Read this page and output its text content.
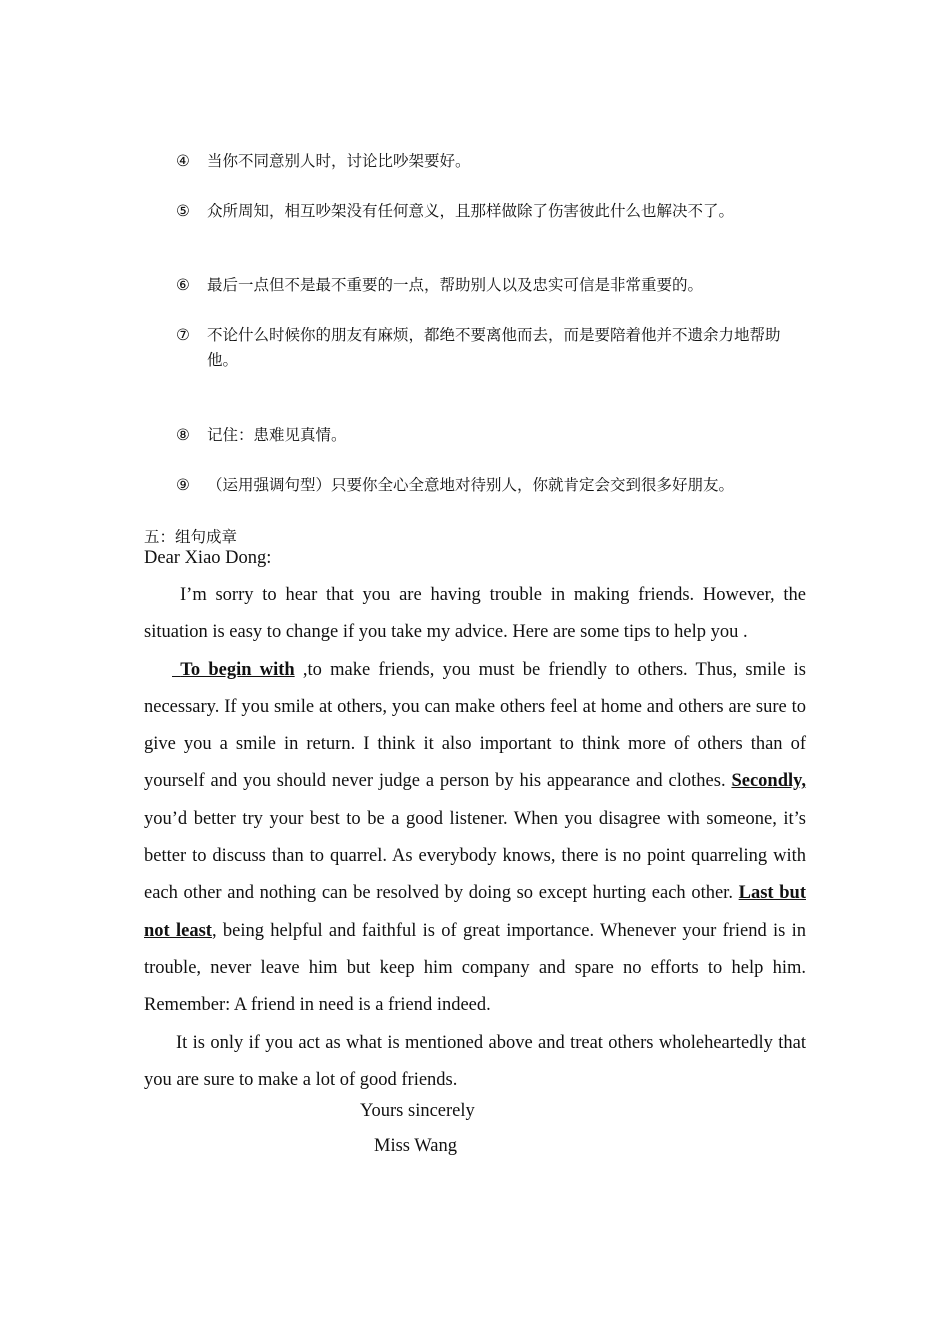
④	当你不同意别人时，讨论比吵架要好。
⑤	众所周知，相互吵架没有任何意义，且那样做除了伤害彼此什么也解决不了。
⑥	最后一点但不是最不重要的一点，帮助别人以及忠实可信是非常重要的。
⑦	不论什么时候你的朋友有麻烦，都绝不要离他而去，而是要陪着他并不遗余力地帮助他。
⑧	记住：患难见真情。
⑨	（运用强调句型）只要你全心全意地对待别人，你就肯定会交到很多好朋友。
五：组句成章
Dear Xiao Dong:

I’m sorry to hear that you are having trouble in making friends. However, the situation is easy to change if you take my advice. Here are some tips to help you .

To begin with ,to make friends, you must be friendly to others. Thus, smile is necessary. If you smile at others, you can make others feel at home and others are sure to give you a smile in return. I think it also important to think more of others than of yourself and you should never judge a person by his appearance and clothes. Secondly, you’d better try your best to be a good listener. When you disagree with someone, it’s better to discuss than to quarrel. As everybody knows, there is no point quarreling with each other and nothing can be resolved by doing so except hurting each other. Last but not least, being helpful and faithful is of great importance. Whenever your friend is in trouble, never leave him but keep him company and spare no efforts to help him. Remember: A friend in need is a friend indeed.

It is only if you act as what is mentioned above and treat others wholeheartedly that you are sure to make a lot of good friends.

Yours sincerely
Miss Wang
